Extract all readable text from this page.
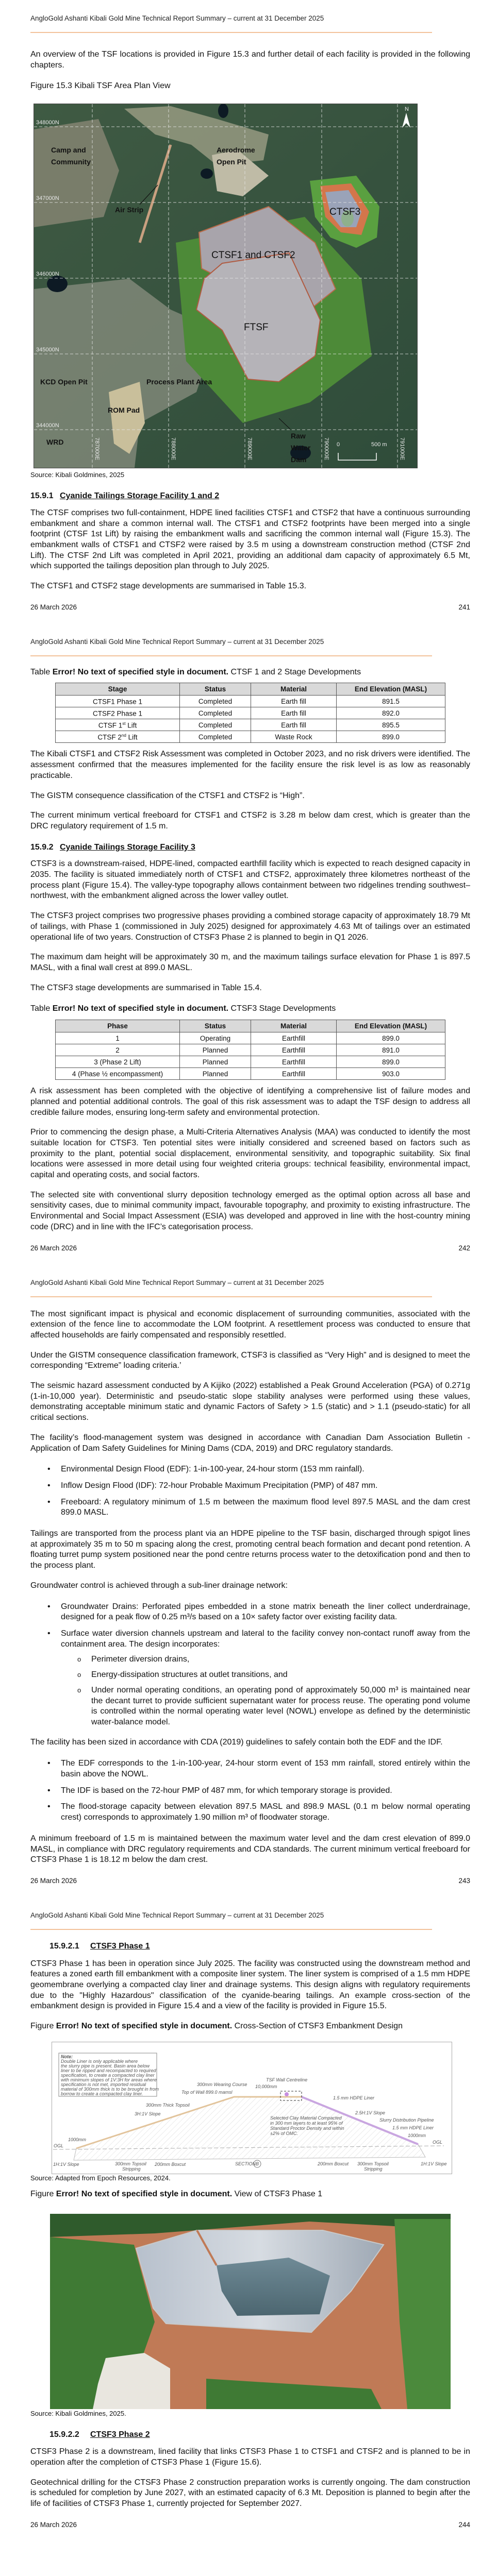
AngloGold Ashanti Kibali Gold Mine Technical Report Summary – current at 31 December 2025
An overview of the TSF locations is provided in Figure 15.3 and further detail of each facility is provided in the following chapters.
Figure 15.3 Kibali TSF Area Plan View
348000N
347000N
346000N
345000N
344000N
787000E	788000E	789000E	790000E	791000E
N
Camp and
Community
Aerodrome
Open Pit
Air Strip	CTSF3
CTSF1 and CTSF2
FTSF
KCD Open Pit	Process Plant Area
ROM Pad
WRD
Raw
Water
Dam
0	500 m
Source: Kibali Goldmines, 2025
15.9.1 Cyanide Tailings Storage Facility 1 and 2
The CTSF comprises two full-containment, HDPE lined facilities CTSF1 and CTSF2 that have a continuous surrounding embankment and share a common internal wall. The CTSF1 and CTSF2 footprints have been merged into a single footprint (CTSF 1st Lift) by raising the embankment walls and sacrificing the common internal wall (Figure 15.3). The embankment walls of CTSF1 and CTSF2 were raised by 3.5 m using a downstream construction method (CTSF 2nd Lift). The CTSF 2nd Lift was completed in April 2021, providing an additional dam capacity of approximately 6.5 Mt, which supported the tailings deposition plan through to July 2025.
The CTSF1 and CTSF2 stage developments are summarised in Table 15.3.
26 March 2026	241
AngloGold Ashanti Kibali Gold Mine Technical Report Summary – current at 31 December 2025
Table Error! No text of specified style in document. CTSF 1 and 2 Stage Developments
Stage	Status	Material	End Elevation (MASL)
CTSF1 Phase 1	Completed	Earth fill	891.5
CTSF2 Phase 1	Completed	Earth fill	892.0
CTSF 1st Lift	Completed	Earth fill	895.5
CTSF 2nd Lift	Completed	Waste Rock	899.0
The Kibali CTSF1 and CTSF2 Risk Assessment was completed in October 2023, and no risk drivers were identified. The assessment confirmed that the measures implemented for the facility ensure the risk level is as low as reasonably practicable.
The GISTM consequence classification of the CTSF1 and CTSF2 is “High”.
The current minimum vertical freeboard for CTSF1 and CTSF2 is 3.28 m below dam crest, which is greater than the DRC regulatory requirement of 1.5 m.
15.9.2 Cyanide Tailings Storage Facility 3
CTSF3 is a downstream-raised, HDPE-lined, compacted earthfill facility which is expected to reach designed capacity in 2035. The facility is situated immediately north of CTSF1 and CTSF2, approximately three kilometres northeast of the process plant (Figure 15.4). The valley-type topography allows containment between two ridgelines trending southwest–northwest, with the embankment aligned across the lower valley outlet.
The CTSF3 project comprises two progressive phases providing a combined storage capacity of approximately 18.79 Mt of tailings, with Phase 1 (commissioned in July 2025) designed for approximately 4.63 Mt of tailings over an estimated operational life of two years. Construction of CTSF3 Phase 2 is planned to begin in Q1 2026.
The maximum dam height will be approximately 30 m, and the maximum tailings surface elevation for Phase 1 is 897.5 MASL, with a final wall crest at 899.0 MASL.
The CTSF3 stage developments are summarised in Table 15.4.
Table Error! No text of specified style in document. CTSF3 Stage Developments
Phase	Status	Material	End Elevation (MASL)
1	Operating	Earthfill	899.0
2	Planned	Earthfill	891.0
3 (Phase 2 Lift)	Planned	Earthfill	899.0
4 (Phase ½ encompassment)	Planned	Earthfill	903.0
A risk assessment has been completed with the objective of identifying a comprehensive list of failure modes and planned and potential additional controls. The goal of this risk assessment was to adapt the TSF design to address all credible failure modes, ensuring long-term safety and environmental protection.
Prior to commencing the design phase, a Multi-Criteria Alternatives Analysis (MAA) was conducted to identify the most suitable location for CTSF3. Ten potential sites were initially considered and screened based on factors such as proximity to the plant, potential social displacement, environmental sensitivity, and topographic suitability. Six final locations were assessed in more detail using four weighted criteria groups: technical feasibility, environmental impact, capital and operating costs, and social factors.
The selected site with conventional slurry deposition technology emerged as the optimal option across all base and sensitivity cases, due to minimal community impact, favourable topography, and proximity to existing infrastructure. The Environmental and Social Impact Assessment (ESIA) was developed and approved in line with the host-country mining code (DRC) and in line with the IFC’s categorisation process.
26 March 2026	242
AngloGold Ashanti Kibali Gold Mine Technical Report Summary – current at 31 December 2025
The most significant impact is physical and economic displacement of surrounding communities, associated with the extension of the fence line to accommodate the LOM footprint. A resettlement process was conducted to ensure that affected households are fairly compensated and responsibly resettled.
Under the GISTM consequence classification framework, CTSF3 is classified as “Very High” and is designed to meet the corresponding “Extreme” loading criteria.’
The seismic hazard assessment conducted by A Kijiko (2022) established a Peak Ground Acceleration (PGA) of 0.271g (1-in-10,000 year). Deterministic and pseudo-static slope stability analyses were performed using these values, demonstrating acceptable minimum static and dynamic Factors of Safety > 1.5 (static) and > 1.1 (pseudo-static) for all critical sections.
The facility’s flood-management system was designed in accordance with Canadian Dam Association Bulletin - Application of Dam Safety Guidelines for Mining Dams (CDA, 2019) and DRC regulatory standards.
•	Environmental Design Flood (EDF): 1-in-100-year, 24-hour storm (153 mm rainfall).
•	Inflow Design Flood (IDF): 72-hour Probable Maximum Precipitation (PMP) of 487 mm.
•	Freeboard: A regulatory minimum of 1.5 m between the maximum flood level 897.5 MASL and the dam crest 899.0 MASL.
Tailings are transported from the process plant via an HDPE pipeline to the TSF basin, discharged through spigot lines at approximately 35 m to 50 m spacing along the crest, promoting central beach formation and decant pond retention. A floating turret pump system positioned near the pond centre returns process water to the detoxification pond and then to the process plant.
Groundwater control is achieved through a sub-liner drainage network:
•	Groundwater Drains: Perforated pipes embedded in a stone matrix beneath the liner collect underdrainage, designed for a peak flow of 0.25 m³/s based on a 10× safety factor over existing facility data.
•	Surface water diversion channels upstream and lateral to the facility convey non-contact runoff away from the containment area. The design incorporates:
o	Perimeter diversion drains,
o	Energy-dissipation structures at outlet transitions, and
o	Under normal operating conditions, an operating pond of approximately 50,000 m³ is maintained near the decant turret to provide sufficient supernatant water for process reuse. The operating pond volume is controlled within the normal operating water level (NOWL) envelope as defined by the deterministic water-balance model.
The facility has been sized in accordance with CDA (2019) guidelines to safely contain both the EDF and the IDF.
•	The EDF corresponds to the 1-in-100-year, 24-hour storm event of 153 mm rainfall, stored entirely within the basin above the NOWL.
•	The IDF is based on the 72-hour PMP of 487 mm, for which temporary storage is provided.
•	The flood-storage capacity between elevation 897.5 MASL and 898.9 MASL (0.1 m below normal operating crest) corresponds to approximately 1.90 million m³ of floodwater storage.
A minimum freeboard of 1.5 m is maintained between the maximum water level and the dam crest elevation of 899.0 MASL, in compliance with DRC regulatory requirements and CDA standards. The current minimum vertical freeboard for CTSF3 Phase 1 is 18.12 m below the dam crest.
26 March 2026	243
AngloGold Ashanti Kibali Gold Mine Technical Report Summary – current at 31 December 2025
15.9.2.1 CTSF3 Phase 1
CTSF3 Phase 1 has been in operation since July 2025. The facility was constructed using the downstream method and features a zoned earth fill embankment with a composite liner system. The liner system is comprised of a 1.5 mm HDPE geomembrane overlying a compacted clay liner and drainage systems. This design aligns with regulatory requirements due to the "Highly Hazardous" classification of the cyanide-bearing tailings. An example cross-section of the embankment design is provided in Figure 15.4 and a view of the facility is provided in Figure 15.5.
Figure Error! No text of specified style in document. Cross-Section of CTSF3 Embankment Design
Note:
Double Liner is only applicable where
the slurry pipe is present. Basin area below
liner to be ripped and recompacted to required
specification, to create a compacted clay liner
with minimum slopes of 1V:3H for areas where
specification is not met, imported residual
material of 300mm thick is to be brought in from
borrow to create a compacted clay liner.
300mm Wearing Course
Top of Wall 899.0 mamsl
300mm Thick Topsoil
3H:1V Slope
1000mm
OGL
TSF Wall Centreline
10,000mm
1.5 mm HDPE Liner
2.5H:1V Slope
Selected Clay Material Compacted
in 300 mm layers to at least 95% of
Standard Proctor Density and within
±2% of OMC.
Slurry Distribution Pipeline
1.5 mm HDPE Liner
1000mm
OGL
1H:1V Slope	300mm Topsoil
Stripping
200mm Boxcut	SECTION B	200mm Boxcut 300mm Topsoil
Stripping
1H:1V Slope
Source: Adapted from Epoch Resources, 2024.
Figure Error! No text of specified style in document. View of CTSF3 Phase 1
Source: Kibali Goldmines, 2025.
15.9.2.2 CTSF3 Phase 2
CTSF3 Phase 2 is a downstream, lined facility that links CTSF3 Phase 1 to CTSF1 and CTSF2 and is planned to be in operation after the completion of CTSF3 Phase 1 (Figure 15.6).
Geotechnical drilling for the CTSF3 Phase 2 construction preparation works is currently ongoing. The dam construction is scheduled for completion by June 2027, with an estimated capacity of 6.3 Mt. Deposition is planned to begin after the life of facilities of CTSF3 Phase 1, currently projected for September 2027.
26 March 2026	244
